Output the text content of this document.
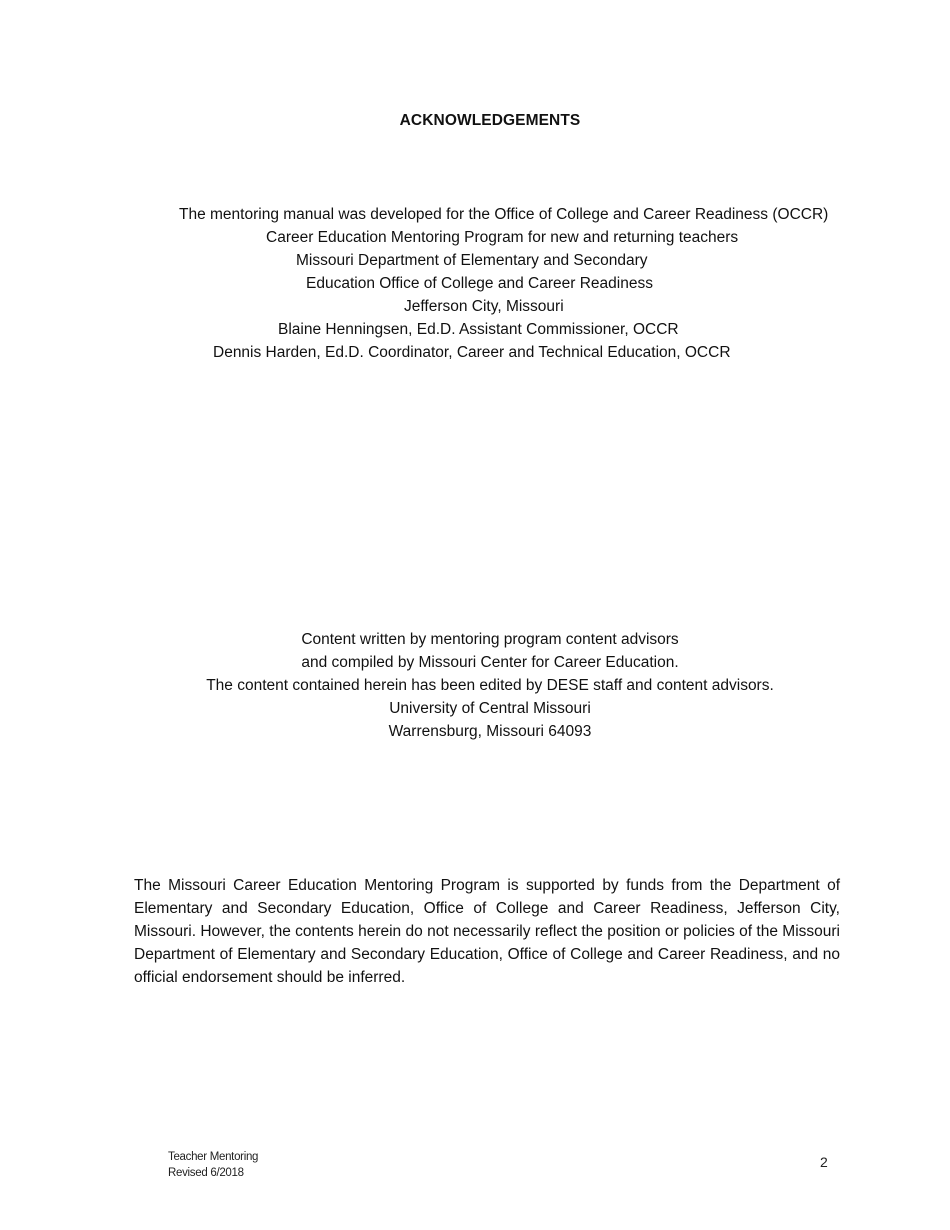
ACKNOWLEDGEMENTS
The mentoring manual was developed for the Office of College and Career Readiness (OCCR)
Career Education Mentoring Program for new and returning teachers
Missouri Department of Elementary and Secondary
Education Office of College and Career Readiness
Jefferson City, Missouri
Blaine Henningsen, Ed.D. Assistant Commissioner, OCCR
Dennis Harden, Ed.D. Coordinator, Career and Technical Education, OCCR
Content written by mentoring program content advisors
and compiled by Missouri Center for Career Education.
The content contained herein has been edited by DESE staff and content advisors.
University of Central Missouri
Warrensburg, Missouri 64093

The Missouri Career Education Mentoring Program is supported by funds from the Department of Elementary and Secondary Education, Office of College and Career Readiness, Jefferson City, Missouri. However, the contents herein do not necessarily reflect the position or policies of the Missouri Department of Elementary and Secondary Education, Office of College and Career Readiness, and no official endorsement should be inferred.

Teacher Mentoring
Revised 6/2018
2
